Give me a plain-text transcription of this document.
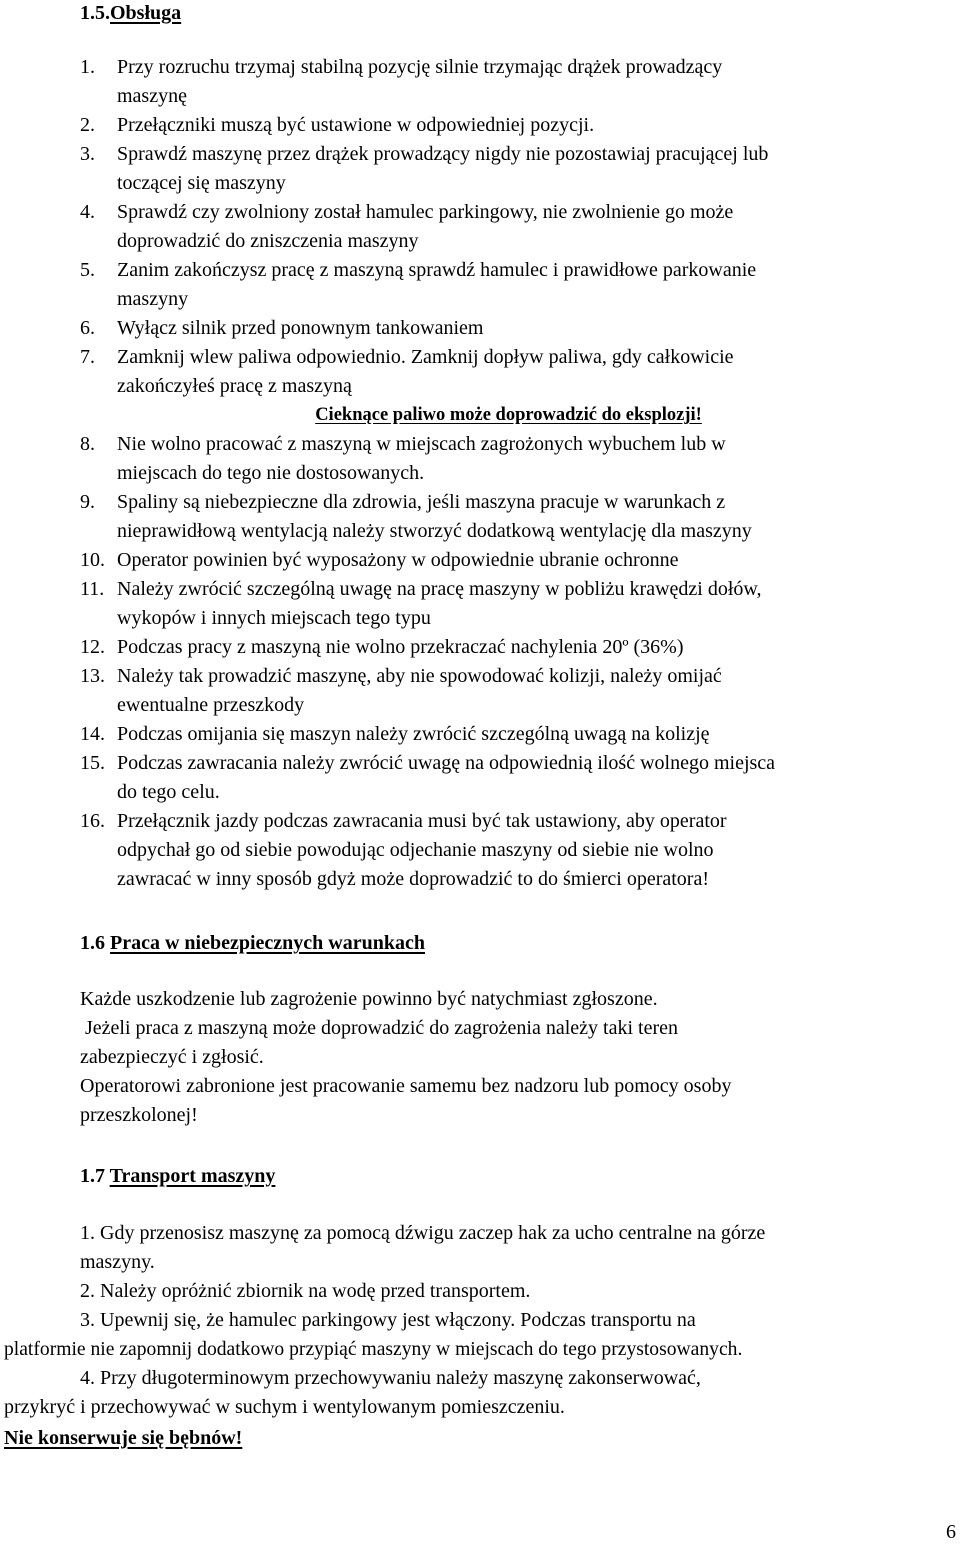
1.5.Obsługa
1.	Przy rozruchu trzymaj stabilną pozycję silnie trzymając drążek prowadzący
maszynę
2.	Przełączniki muszą być ustawione w odpowiedniej pozycji.
3.	Sprawdź maszynę przez drążek prowadzący nigdy nie pozostawiaj pracującej lub
toczącej się maszyny
4.	Sprawdź czy zwolniony został hamulec parkingowy, nie zwolnienie go może
doprowadzić do zniszczenia maszyny
5.	Zanim zakończysz pracę z maszyną sprawdź hamulec i prawidłowe parkowanie
maszyny
6.	Wyłącz silnik przed ponownym tankowaniem
7.	Zamknij wlew paliwa odpowiednio. Zamknij dopływ paliwa, gdy całkowicie
zakończyłeś pracę z maszyną
Cieknące paliwo może doprowadzić do eksplozji!
8.	Nie wolno pracować z maszyną w miejscach zagrożonych wybuchem lub w
miejscach do tego nie dostosowanych.
9.	Spaliny są niebezpieczne dla zdrowia, jeśli maszyna pracuje w warunkach z
nieprawidłową wentylacją należy stworzyć dodatkową wentylację dla maszyny
10. Operator powinien być wyposażony w odpowiednie ubranie ochronne
11. Należy zwrócić szczególną uwagę na pracę maszyny w pobliżu krawędzi dołów,
wykopów i innych miejscach tego typu
12. Podczas pracy z maszyną nie wolno przekraczać nachylenia 20º (36%)
13. Należy tak prowadzić maszynę, aby nie spowodować kolizji, należy omijać
ewentualne przeszkody
14. Podczas omijania się maszyn należy zwrócić szczególną uwagą na kolizję
15. Podczas zawracania należy zwrócić uwagę na odpowiednią ilość wolnego miejsca
do tego celu.
16. Przełącznik jazdy podczas zawracania musi być tak ustawiony, aby operator
odpychał go od siebie powodując odjechanie maszyny od siebie nie wolno
zawracać w inny sposób gdyż może doprowadzić to do śmierci operatora!
1.6 Praca w niebezpiecznych warunkach
Każde uszkodzenie lub zagrożenie powinno być natychmiast zgłoszone.
Jeżeli praca z maszyną może doprowadzić do zagrożenia należy taki teren
zabezpieczyć i zgłosić.
Operatorowi zabronione jest pracowanie samemu bez nadzoru lub pomocy osoby
przeszkolonej!
1.7 Transport maszyny
1. Gdy przenosisz maszynę za pomocą dźwigu zaczep hak za ucho centralne na górze
maszyny.
2. Należy opróżnić zbiornik na wodę przed transportem.
3. Upewnij się, że hamulec parkingowy jest włączony. Podczas transportu na
platformie nie zapomnij dodatkowo przypiąć maszyny w miejscach do tego przystosowanych.
4. Przy długoterminowym przechowywaniu należy maszynę zakonserwować,
przykryć i przechowywać w suchym i wentylowanym pomieszczeniu.
Nie konserwuje się bębnów!
6
